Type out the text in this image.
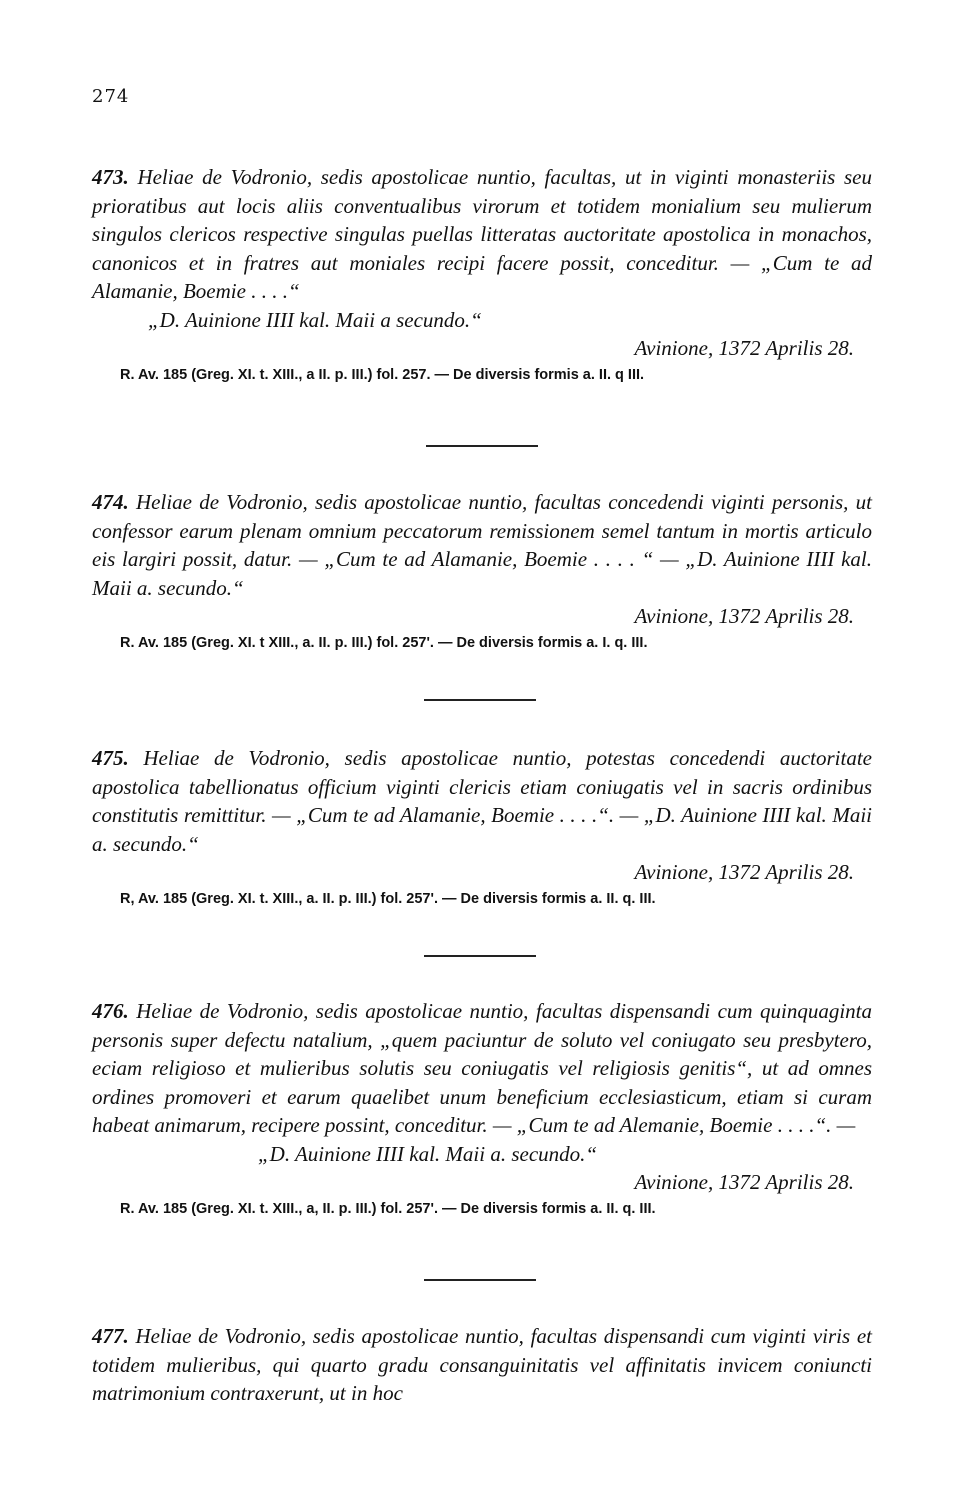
274

473. Heliae de Vodronio, sedis apostolicae nuntio, facultas, ut in viginti monasteriis seu prioratibus aut locis aliis conventualibus virorum et totidem monialium seu mulierum singulos clericos respective singulas puellas litteratas auctoritate apostolica in monachos, canonicos et in fratres aut moniales recipi facere possit, conceditur. — „Cum te ad Alamanie, Boemie . . . .“

„D. Auinione IIII kal. Maii a secundo.“

Avinione, 1372 Aprilis 28.

R. Av. 185 (Greg. XI. t. XIII., a II. p. III.) fol. 257. — De diversis formis a. II. q III.

474. Heliae de Vodronio, sedis apostolicae nuntio, facultas concedendi viginti personis, ut confessor earum plenam omnium peccatorum remissionem semel tantum in mortis articulo eis largiri possit, datur. — „Cum te ad Alamanie, Boemie . . . . “ — „D. Auinione IIII kal. Maii a. secundo.“

Avinione, 1372 Aprilis 28.

R. Av. 185 (Greg. XI. t XIII., a. II. p. III.) fol. 257'. — De diversis formis a. I. q. III.

475. Heliae de Vodronio, sedis apostolicae nuntio, potestas concedendi auctoritate apostolica tabellionatus officium viginti clericis etiam coniugatis vel in sacris ordinibus constitutis remittitur. — „Cum te ad Alamanie, Boemie . . . .“. — „D. Auinione IIII kal. Maii a. secundo.“

Avinione, 1372 Aprilis 28.

R, Av. 185 (Greg. XI. t. XIII., a. II. p. III.) fol. 257'. — De diversis formis a. II. q. III.

476. Heliae de Vodronio, sedis apostolicae nuntio, facultas dispensandi cum quinquaginta personis super defectu natalium, „quem paciuntur de soluto vel coniugato seu presbytero, eciam religioso et mulieribus solutis seu coniugatis vel religiosis genitis“, ut ad omnes ordines promoveri et earum quaelibet unum beneficium ecclesiasticum, etiam si curam habeat animarum, recipere possint, conceditur. — „Cum te ad Alemanie, Boemie . . . .“. —

„D. Auinione IIII kal. Maii a. secundo.“

Avinione, 1372 Aprilis 28.

R. Av. 185 (Greg. XI. t. XIII., a, II. p. III.) fol. 257'. — De diversis formis a. II. q. III.

477. Heliae de Vodronio, sedis apostolicae nuntio, facultas dispensandi cum viginti viris et totidem mulieribus, qui quarto gradu consanguinitatis vel affinitatis invicem coniuncti matrimonium contraxerunt, ut in hoc
